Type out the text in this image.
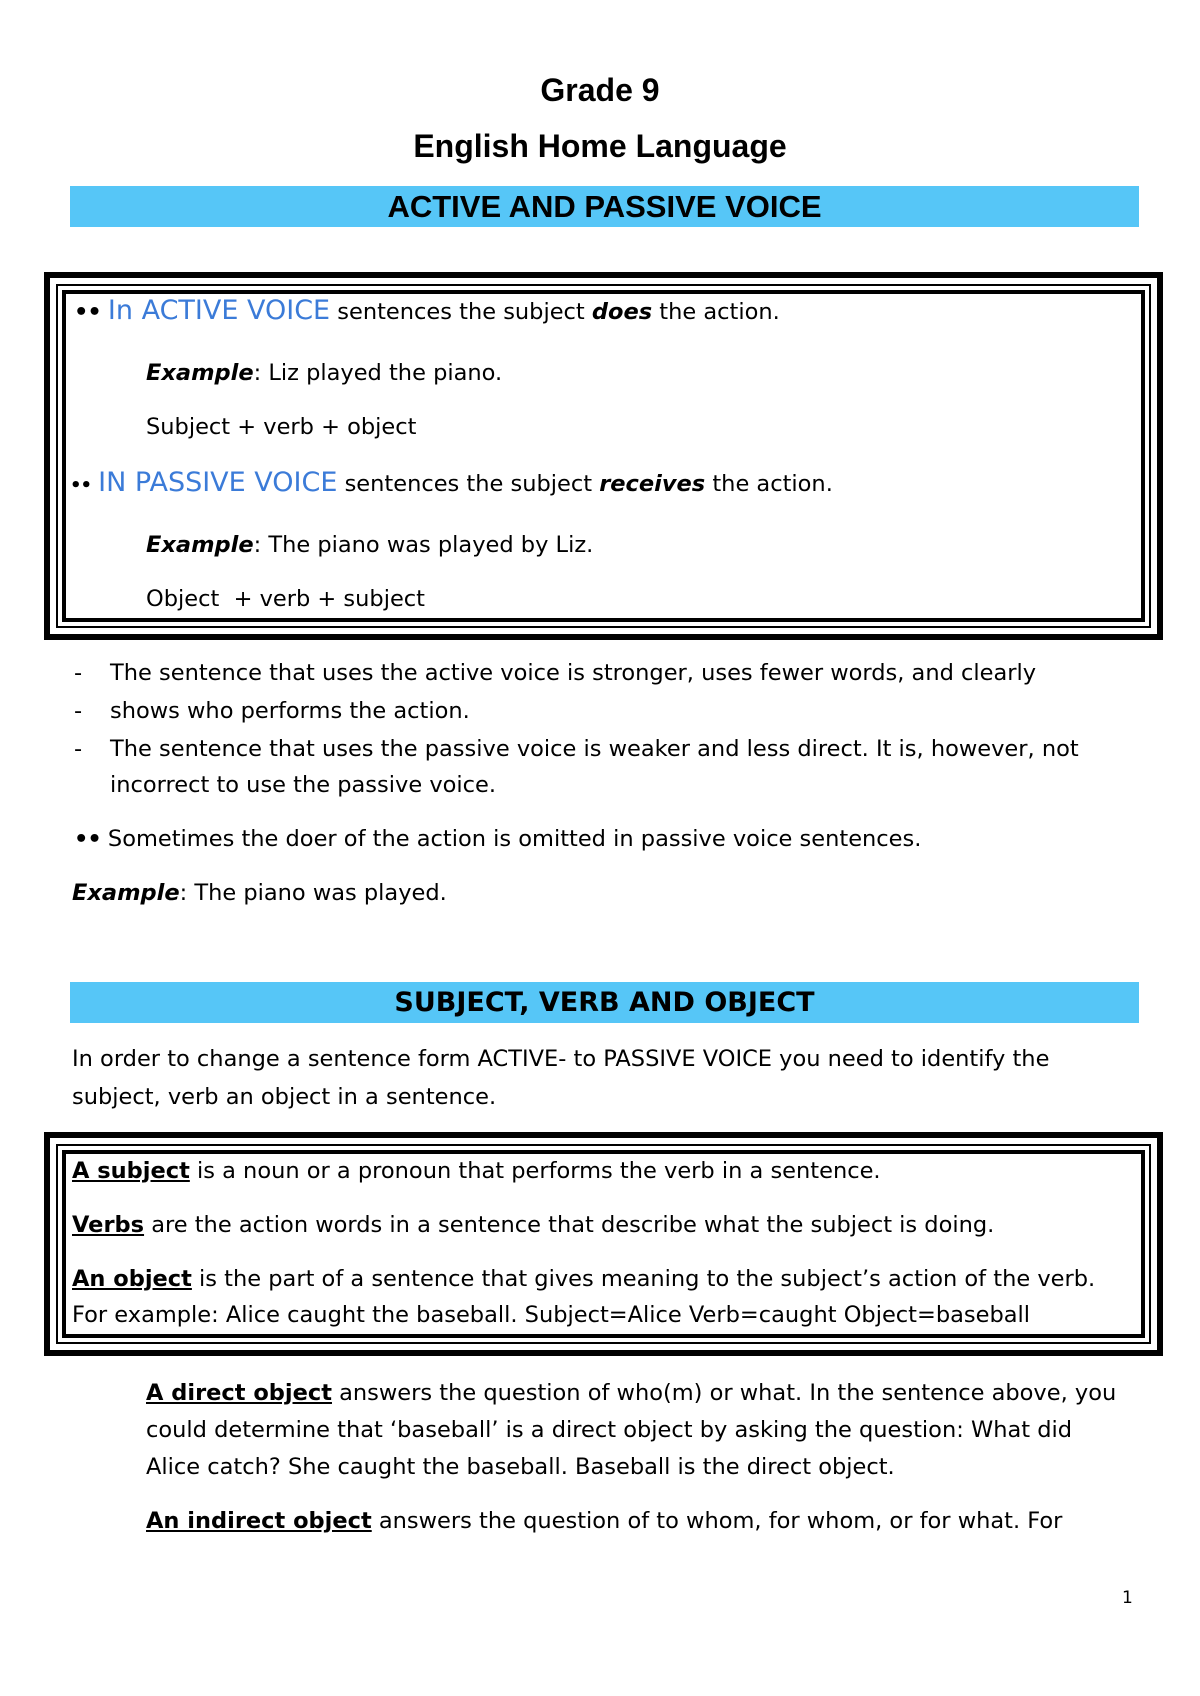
Grade 9
English Home Language
ACTIVE AND PASSIVE VOICE
•• In ACTIVE VOICE sentences the subject does the action.
Example: Liz played the piano.
Subject + verb + object
•• IN PASSIVE VOICE sentences the subject receives the action.
Example: The piano was played by Liz.
Object  + verb + subject
- The sentence that uses the active voice is stronger, uses fewer words, and clearly
- shows who performs the action.
- The sentence that uses the passive voice is weaker and less direct. It is, however, not
incorrect to use the passive voice.
•• Sometimes the doer of the action is omitted in passive voice sentences.
Example: The piano was played.
SUBJECT, VERB AND OBJECT
In order to change a sentence form ACTIVE- to PASSIVE VOICE you need to identify the
subject, verb an object in a sentence.
A subject is a noun or a pronoun that performs the verb in a sentence.
Verbs are the action words in a sentence that describe what the subject is doing.
An object is the part of a sentence that gives meaning to the subject’s action of the verb.
For example: Alice caught the baseball. Subject=Alice Verb=caught Object=baseball
A direct object answers the question of who(m) or what. In the sentence above, you
could determine that ‘baseball’ is a direct object by asking the question: What did
Alice catch? She caught the baseball. Baseball is the direct object.
An indirect object answers the question of to whom, for whom, or for what. For
1
